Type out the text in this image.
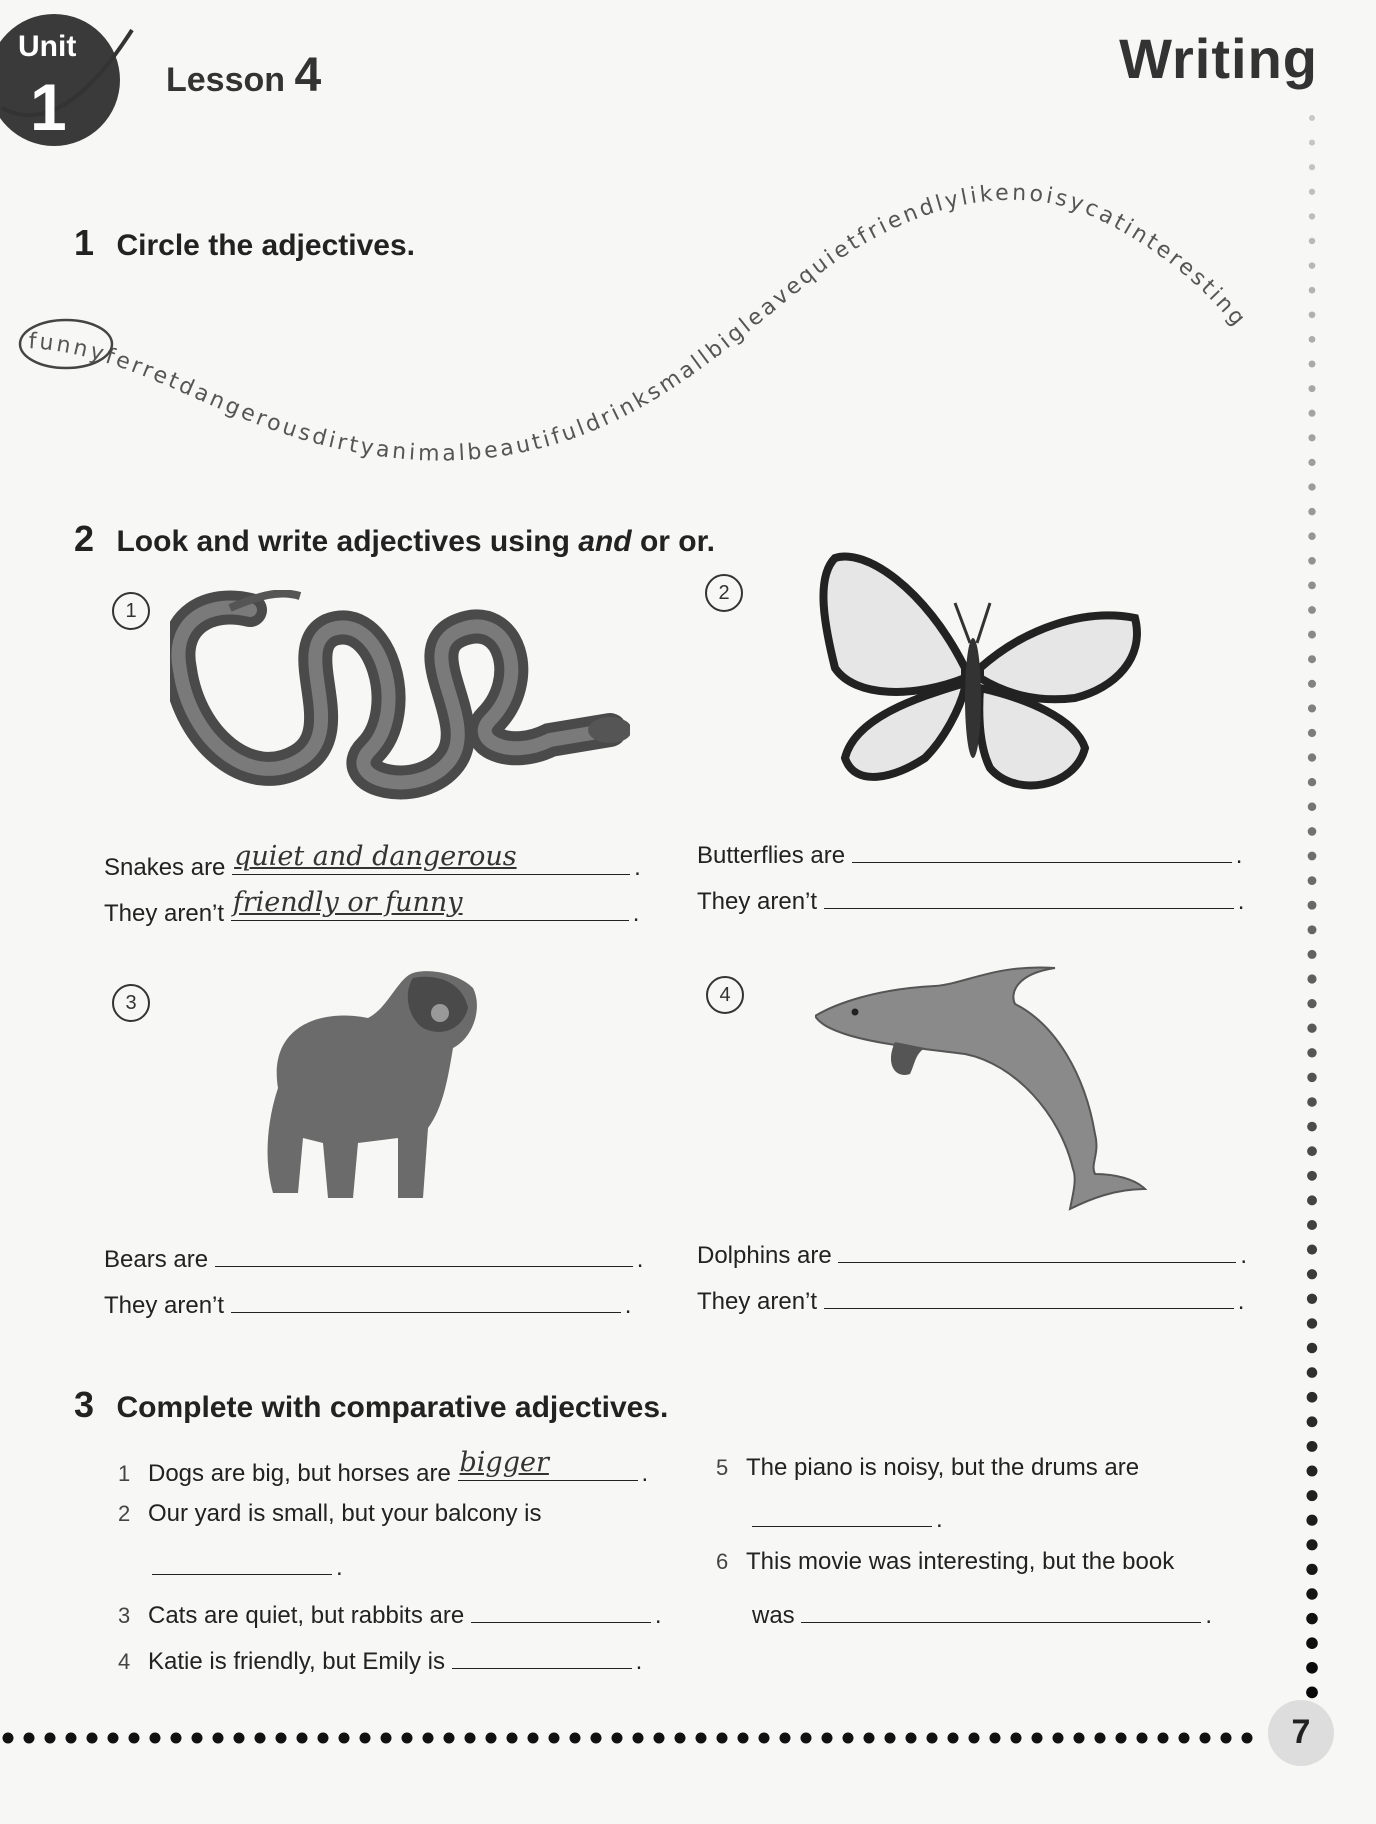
Unit
1	Lesson 4	Writing
1 Circle the adjectives.
funnyferretdangerousdirtyanimalbeautifuldrinksmallbigleavequietfriendlylikenoisycatinteresting
2 Look and write adjectives using and or or.
1
2
Snakes are quiet and dangerous	.
They aren’t friendly or funny	.
Butterflies are	.
They aren’t	.
3	4
Bears are	.
They aren’t	.
Dolphins are	.
They aren’t	.
3 Complete with comparative adjectives.
1 Dogs are big, but horses are bigger	.
2 Our yard is small, but your balcony is
.
3 Cats are quiet, but rabbits are	.
4 Katie is friendly, but Emily is	.
5 The piano is noisy, but the drums are
.
6 This movie was interesting, but the book
was	.
7
